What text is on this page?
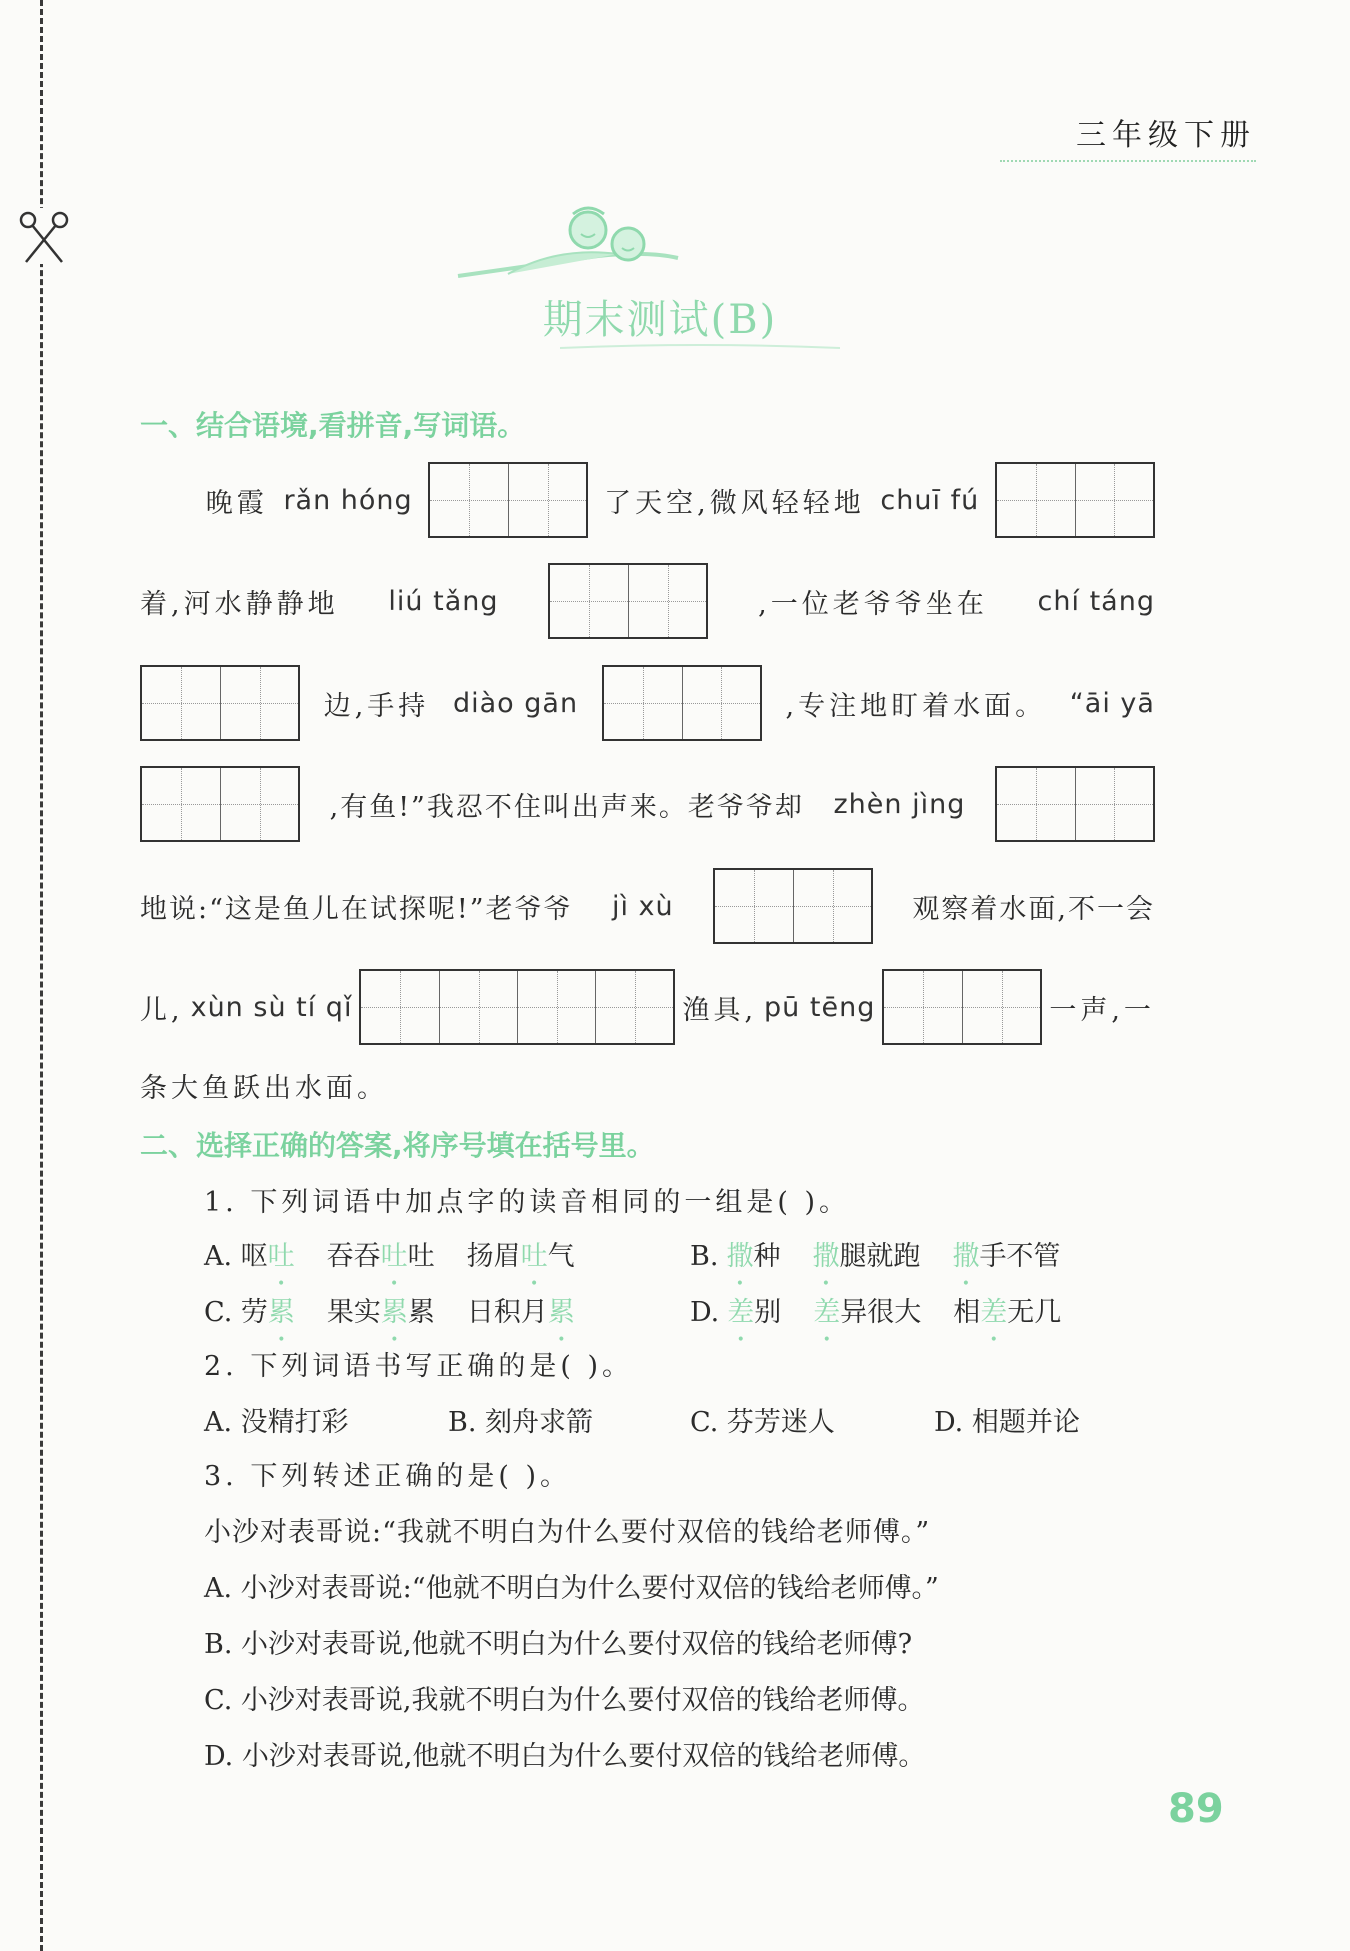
三年级下册
期末测试(B)
一、结合语境,看拼音,写词语。
晚霞 rǎn hóng	了天空,微风轻轻地 chuī fú
着,河水静静地 liú tǎng	,一位老爷爷坐在 chí táng
边,手持 diào gān	,专注地盯着水面。 “āi yā
,有鱼!”我忍不住叫出声来。老爷爷却 zhèn jìng
地说:“这是鱼儿在试探呢!”老爷爷 jì xù	观察着水面,不一会
儿, xùn sù tí qǐ	渔具, pū tēng	一声,一
条大鱼跃出水面。
二、选择正确的答案,将序号填在括号里。
1. 下列词语中加点字的读音相同的一组是( )。
A. 呕吐 吞吞吐吐 扬眉吐气	B. 撒种 撒腿就跑 撒手不管
C. 劳累 果实累累 日积月累	D. 差别 差异很大 相差无几
2. 下列词语书写正确的是( )。
A. 没精打彩	B. 刻舟求箭	C. 芬芳迷人	D. 相题并论
3. 下列转述正确的是( )。
小沙对表哥说:“我就不明白为什么要付双倍的钱给老师傅。”
A. 小沙对表哥说:“他就不明白为什么要付双倍的钱给老师傅。”
B. 小沙对表哥说,他就不明白为什么要付双倍的钱给老师傅?
C. 小沙对表哥说,我就不明白为什么要付双倍的钱给老师傅。
D. 小沙对表哥说,他就不明白为什么要付双倍的钱给老师傅。
89
